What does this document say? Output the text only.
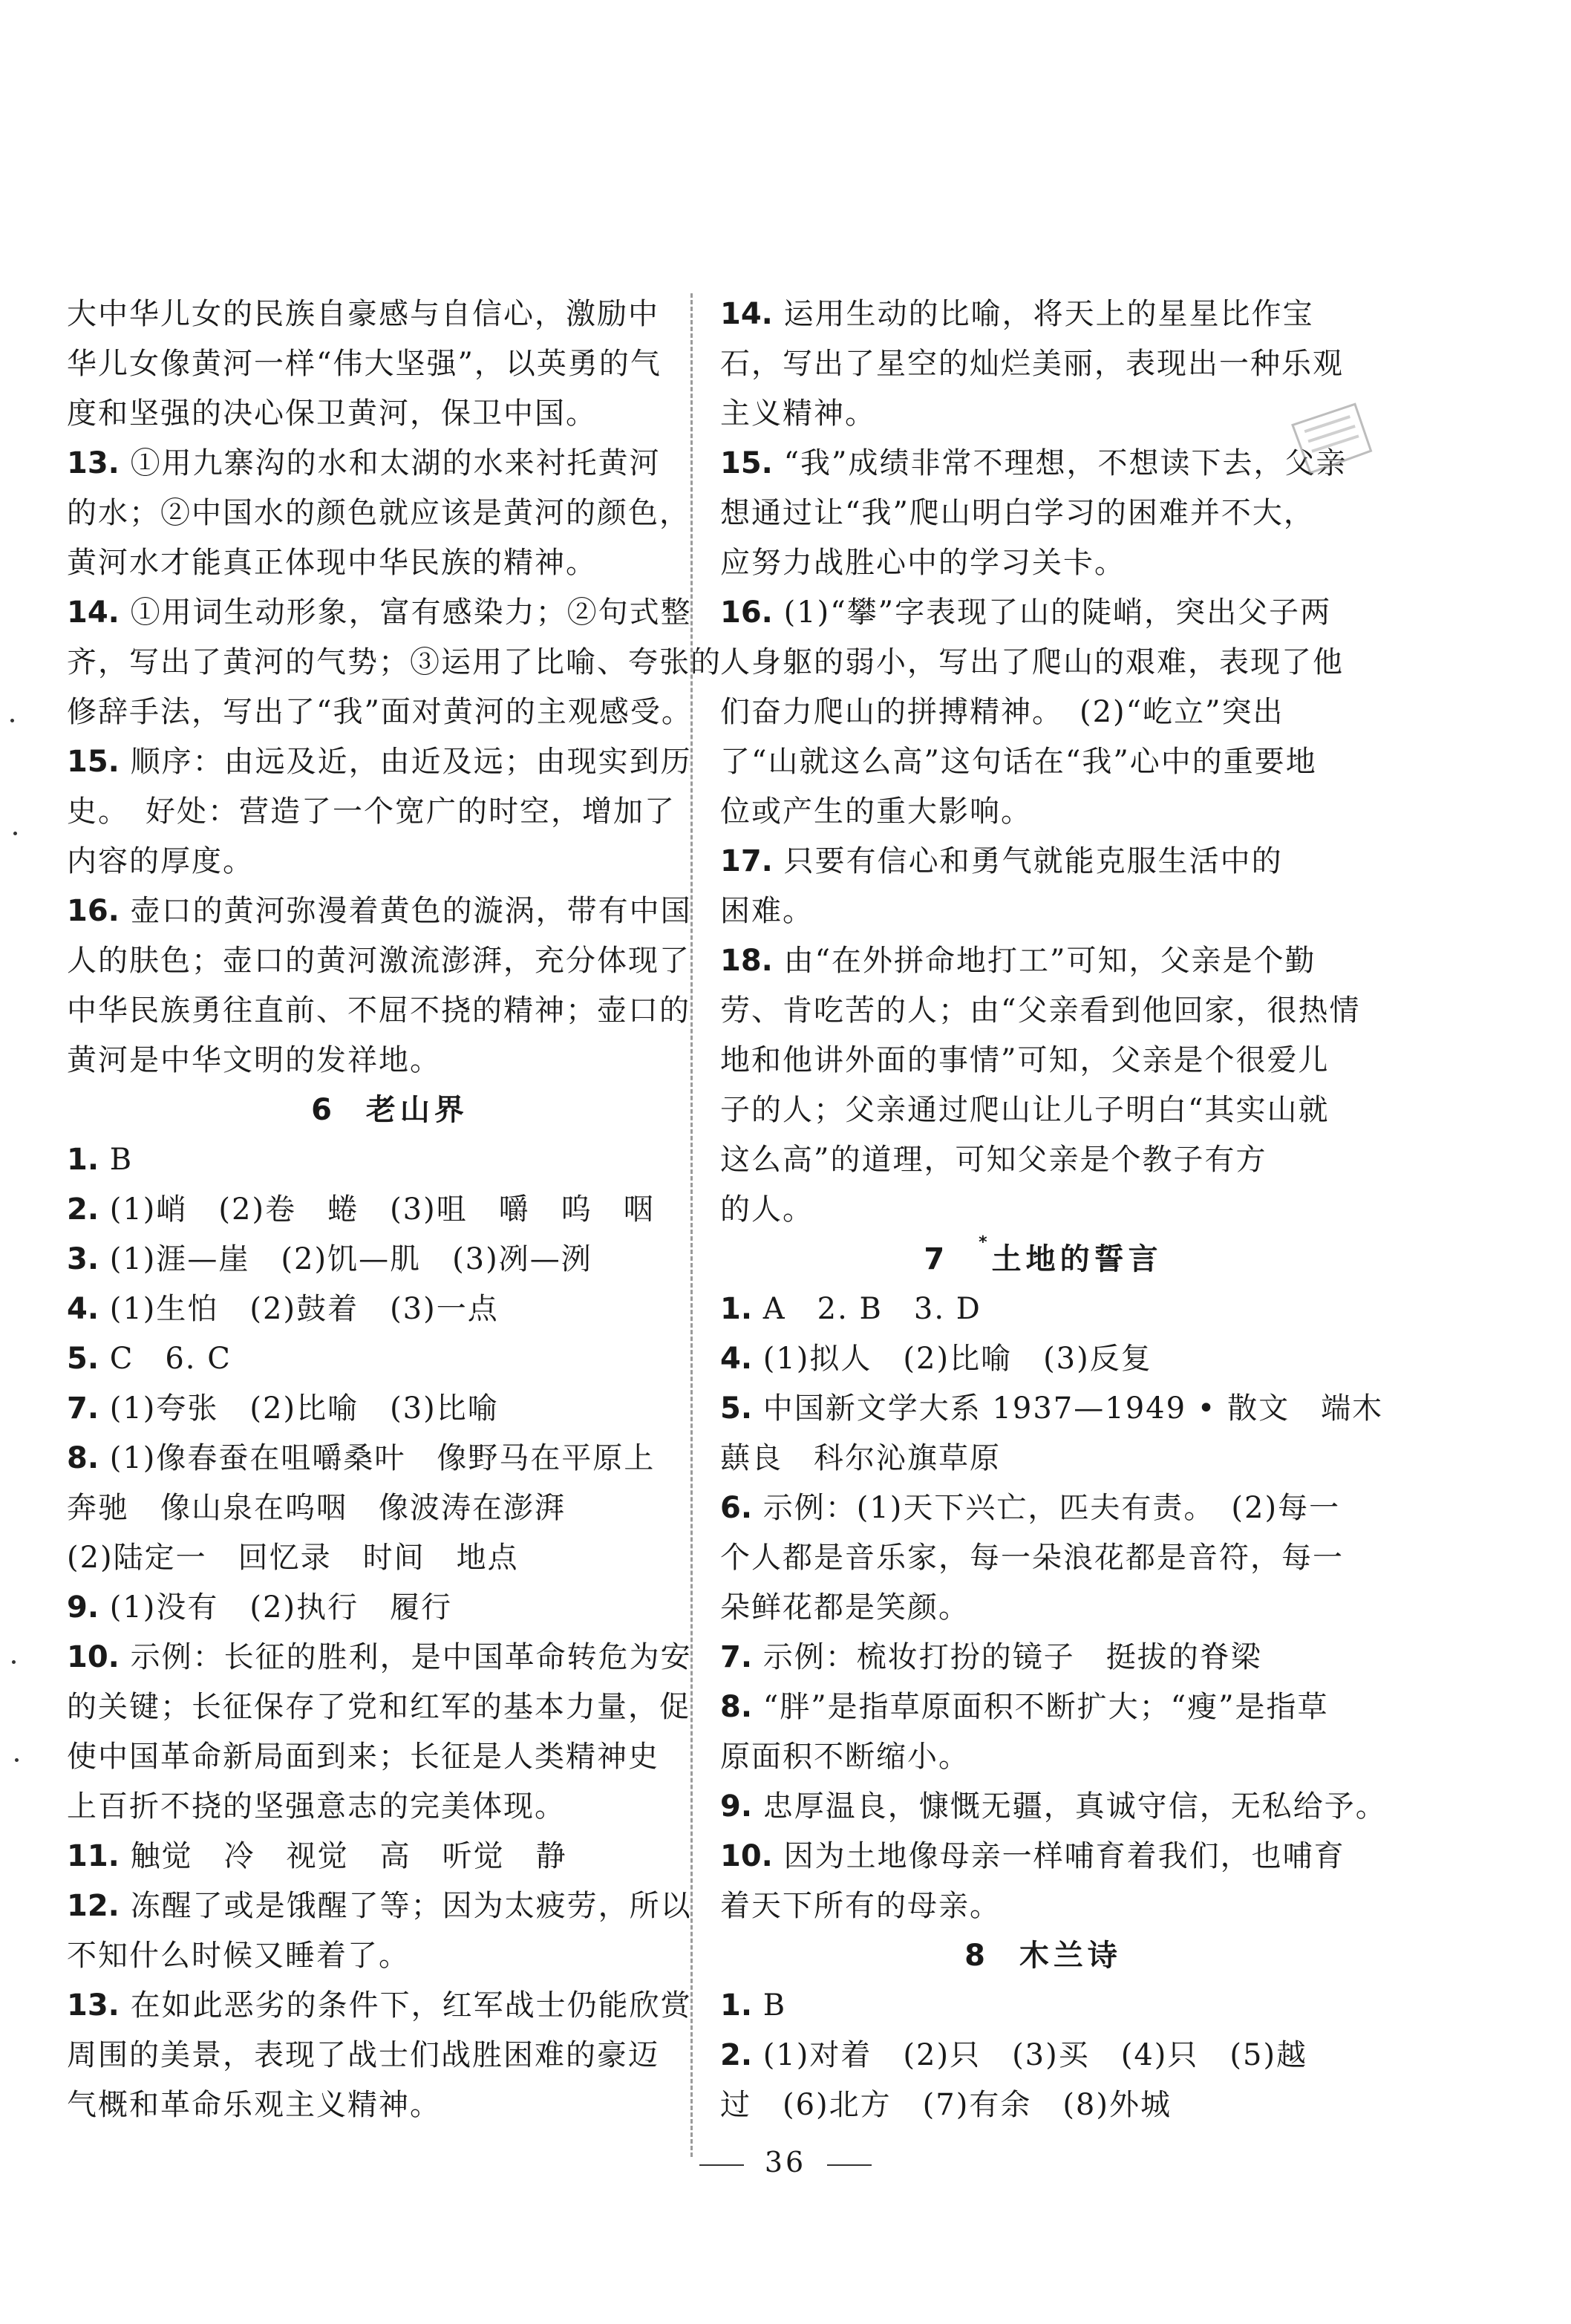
大中华儿女的民族自豪感与自信心，激励中
华儿女像黄河一样“伟大坚强”，以英勇的气
度和坚强的决心保卫黄河，保卫中国。
13. ①用九寨沟的水和太湖的水来衬托黄河
的水；②中国水的颜色就应该是黄河的颜色，
黄河水才能真正体现中华民族的精神。
14. ①用词生动形象，富有感染力；②句式整
齐，写出了黄河的气势；③运用了比喻、夸张的
修辞手法，写出了“我”面对黄河的主观感受。
15. 顺序：由远及近，由近及远；由现实到历
史。　好处：营造了一个宽广的时空，增加了
内容的厚度。
16. 壶口的黄河弥漫着黄色的漩涡，带有中国
人的肤色；壶口的黄河激流澎湃，充分体现了
中华民族勇往直前、不屈不挠的精神；壶口的
黄河是中华文明的发祥地。
6 老山界
1. B
2. (1)峭　(2)卷　蜷　(3)咀　嚼　呜　咽
3. (1)涯—崖　(2)饥—肌　(3)冽—洌
4. (1)生怕　(2)鼓着　(3)一点
5. C　6. C
7. (1)夸张　(2)比喻　(3)比喻
8. (1)像春蚕在咀嚼桑叶　像野马在平原上
奔驰　像山泉在呜咽　像波涛在澎湃
(2)陆定一　回忆录　时间　地点
9. (1)没有　(2)执行　履行
10. 示例：长征的胜利，是中国革命转危为安
的关键；长征保存了党和红军的基本力量，促
使中国革命新局面到来；长征是人类精神史
上百折不挠的坚强意志的完美体现。
11. 触觉　冷　视觉　高　听觉　静
12. 冻醒了或是饿醒了等；因为太疲劳，所以
不知什么时候又睡着了。
13. 在如此恶劣的条件下，红军战士仍能欣赏
周围的美景，表现了战士们战胜困难的豪迈
气概和革命乐观主义精神。
14. 运用生动的比喻，将天上的星星比作宝
石，写出了星空的灿烂美丽，表现出一种乐观
主义精神。
15. “我”成绩非常不理想，不想读下去，父亲
想通过让“我”爬山明白学习的困难并不大，
应努力战胜心中的学习关卡。
16. (1)“攀”字表现了山的陡峭，突出父子两
人身躯的弱小，写出了爬山的艰难，表现了他
们奋力爬山的拼搏精神。　(2)“屹立”突出
了“山就这么高”这句话在“我”心中的重要地
位或产生的重大影响。
17. 只要有信心和勇气就能克服生活中的
困难。
18. 由“在外拼命地打工”可知，父亲是个勤
劳、肯吃苦的人；由“父亲看到他回家，很热情
地和他讲外面的事情”可知，父亲是个很爱儿
子的人；父亲通过爬山让儿子明白“其实山就
这么高”的道理，可知父亲是个教子有方
的人。
7 *土地的誓言
1. A　2. B　3. D
4. (1)拟人　(2)比喻　(3)反复
5. 中国新文学大系 1937—1949 • 散文　端木
蕻良　科尔沁旗草原
6. 示例：(1)天下兴亡，匹夫有责。　(2)每一
个人都是音乐家，每一朵浪花都是音符，每一
朵鲜花都是笑颜。
7. 示例：梳妆打扮的镜子　挺拔的脊梁
8. “胖”是指草原面积不断扩大；“瘦”是指草
原面积不断缩小。
9. 忠厚温良，慷慨无疆，真诚守信，无私给予。
10. 因为土地像母亲一样哺育着我们，也哺育
着天下所有的母亲。
8 木兰诗
1. B
2. (1)对着　(2)只　(3)买　(4)只　(5)越
过　(6)北方　(7)有余　(8)外城
36
